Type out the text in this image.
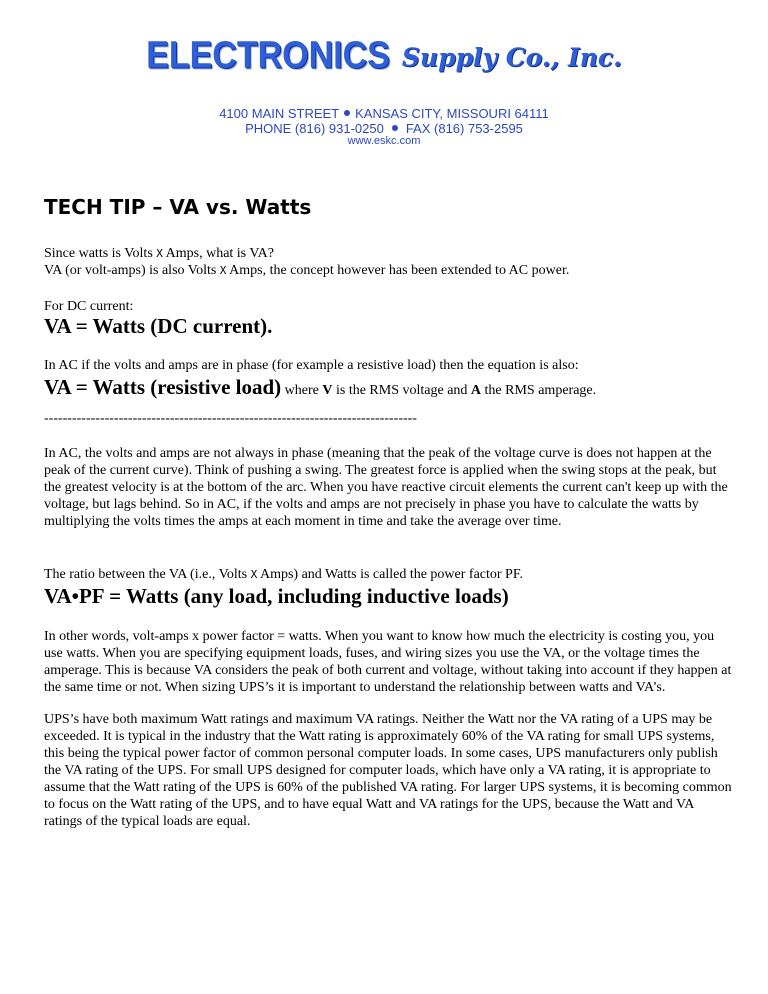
ELECTRONICS Supply Co., Inc.
4100 MAIN STREET KANSAS CITY, MISSOURI 64111
PHONE (816) 931-0250 FAX (816) 753-2595
www.eskc.com
TECH TIP – VA vs. Watts
Since watts is Volts X Amps, what is VA?
VA (or volt-amps) is also Volts X Amps, the concept however has been extended to AC power.
For DC current:
VA = Watts (DC current).
In AC if the volts and amps are in phase (for example a resistive load) then the equation is also:
VA = Watts (resistive load) where V is the RMS voltage and A the RMS amperage.
--------------------------------------------------------------------------------
In AC, the volts and amps are not always in phase (meaning that the peak of the voltage curve is does not happen at the peak of the current curve). Think of pushing a swing. The greatest force is applied when the swing stops at the peak, but the greatest velocity is at the bottom of the arc. When you have reactive circuit elements the current can't keep up with the voltage, but lags behind. So in AC, if the volts and amps are not precisely in phase you have to calculate the watts by multiplying the volts times the amps at each moment in time and take the average over time.
The ratio between the VA (i.e., Volts X Amps) and Watts is called the power factor PF.
VA•PF = Watts (any load, including inductive loads)
In other words, volt-amps x power factor = watts. When you want to know how much the electricity is costing you, you use watts. When you are specifying equipment loads, fuses, and wiring sizes you use the VA, or the voltage times the amperage. This is because VA considers the peak of both current and voltage, without taking into account if they happen at the same time or not. When sizing UPS’s it is important to understand the relationship between watts and VA’s.
UPS’s have both maximum Watt ratings and maximum VA ratings. Neither the Watt nor the VA rating of a UPS may be exceeded. It is typical in the industry that the Watt rating is approximately 60% of the VA rating for small UPS systems, this being the typical power factor of common personal computer loads. In some cases, UPS manufacturers only publish the VA rating of the UPS. For small UPS designed for computer loads, which have only a VA rating, it is appropriate to assume that the Watt rating of the UPS is 60% of the published VA rating. For larger UPS systems, it is becoming common to focus on the Watt rating of the UPS, and to have equal Watt and VA ratings for the UPS, because the Watt and VA ratings of the typical loads are equal.
